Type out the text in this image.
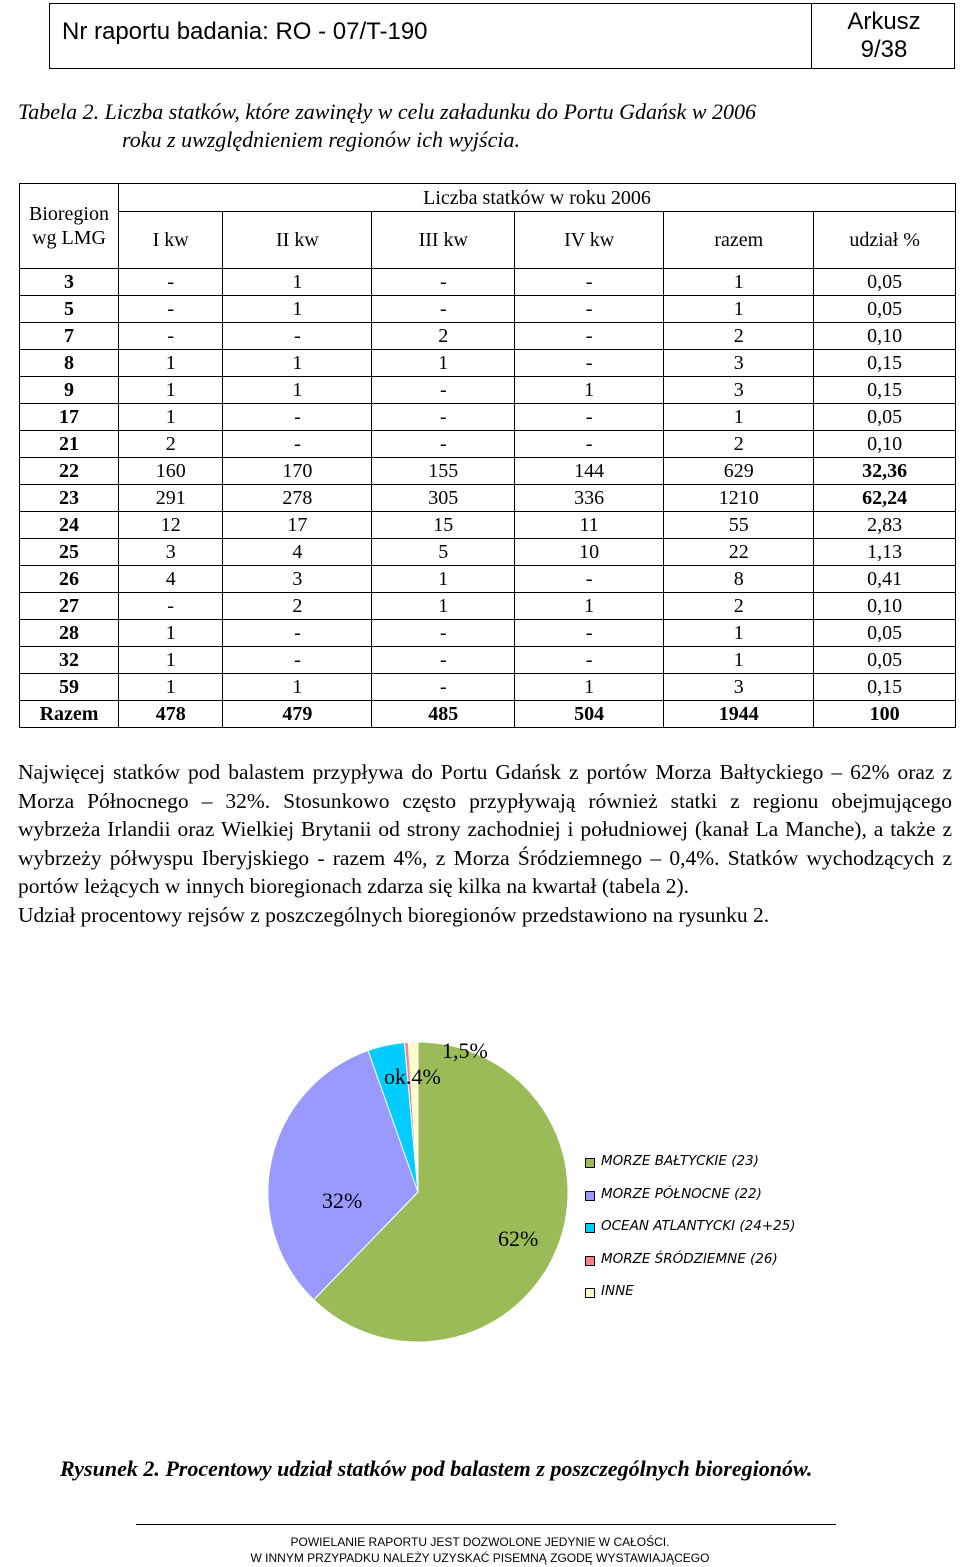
Nr raportu badania: RO - 07/T-190	Arkusz
9/38
Tabela 2. Liczba statków, które zawinęły w celu załadunku do Portu Gdańsk w 2006
roku z uwzględnieniem regionów ich wyjścia.
Bioregion wg LMG	Liczba statków w roku 2006					
	I kw	II kw	III kw	IV kw	razem	udział %
3	-	1	-	-	1	0,05
5	-	1	-	-	1	0,05
7	-	-	2	-	2	0,10
8	1	1	1	-	3	0,15
9	1	1	-	1	3	0,15
17	1	-	-	-	1	0,05
21	2	-	-	-	2	0,10
22	160	170	155	144	629	32,36
23	291	278	305	336	1210	62,24
24	12	17	15	11	55	2,83
25	3	4	5	10	22	1,13
26	4	3	1	-	8	0,41
27	-	2	1	1	2	0,10
28	1	-	-	-	1	0,05
32	1	-	-	-	1	0,05
59	1	1	-	1	3	0,15
Razem	478	479	485	504	1944	100

Najwięcej statków pod balastem przypływa do Portu Gdańsk z portów Morza Bałtyckiego – 62% oraz z Morza Północnego – 32%. Stosunkowo często przypływają również statki z regionu obejmującego wybrzeża Irlandii oraz Wielkiej Brytanii od strony zachodniej i południowej (kanał La Manche), a także z wybrzeży półwyspu Iberyjskiego - razem 4%, z Morza Śródziemnego – 0,4%. Statków wychodzących z portów leżących w innych bioregionach zdarza się kilka na kwartał (tabela 2).

Udział procentowy rejsów z poszczególnych bioregionów przedstawiono na rysunku 2.

62%
32%
ok.4%
1,5%
MORZE BAŁTYCKIE (23)
MORZE PÓŁNOCNE (22)
OCEAN ATLANTYCKI (24+25)
MORZE ŚRÓDZIEMNE (26)
INNE
Rysunek 2. Procentowy udział statków pod balastem z poszczególnych bioregionów.
POWIELANIE RAPORTU JEST DOZWOLONE JEDYNIE W CAŁOŚCI.
W INNYM PRZYPADKU NALEŻY UZYSKAĆ PISEMNĄ ZGODĘ WYSTAWIAJĄCEGO
